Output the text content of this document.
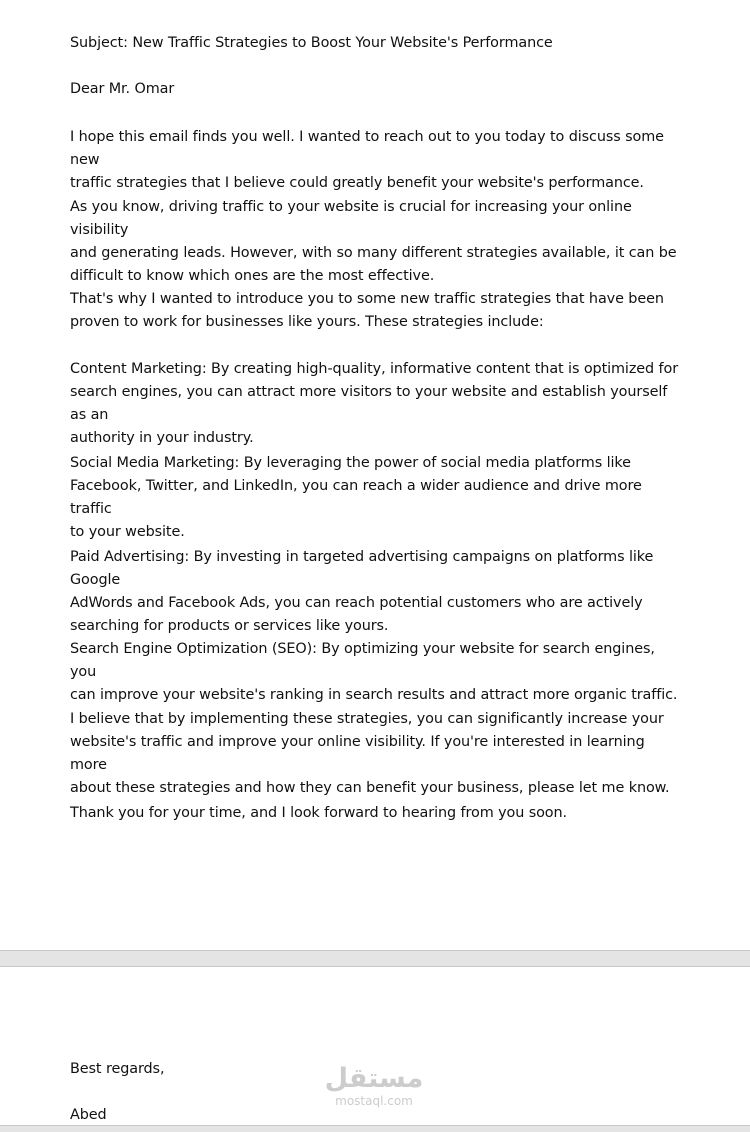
Subject: New Traffic Strategies to Boost Your Website's Performance
Dear Mr. Omar
I hope this email finds you well. I wanted to reach out to you today to discuss some new
traffic strategies that I believe could greatly benefit your website's performance.
As you know, driving traffic to your website is crucial for increasing your online visibility
and generating leads. However, with so many different strategies available, it can be
difficult to know which ones are the most effective.
That's why I wanted to introduce you to some new traffic strategies that have been
proven to work for businesses like yours. These strategies include:
Content Marketing: By creating high-quality, informative content that is optimized for
search engines, you can attract more visitors to your website and establish yourself as an
authority in your industry.
Social Media Marketing: By leveraging the power of social media platforms like
Facebook, Twitter, and LinkedIn, you can reach a wider audience and drive more traffic
to your website.
Paid Advertising: By investing in targeted advertising campaigns on platforms like Google
AdWords and Facebook Ads, you can reach potential customers who are actively
searching for products or services like yours.
Search Engine Optimization (SEO): By optimizing your website for search engines, you
can improve your website's ranking in search results and attract more organic traffic.
I believe that by implementing these strategies, you can significantly increase your
website's traffic and improve your online visibility. If you're interested in learning more
about these strategies and how they can benefit your business, please let me know.
Thank you for your time, and I look forward to hearing from you soon.
Best regards,
Abed
مستقل
mostaql.com
